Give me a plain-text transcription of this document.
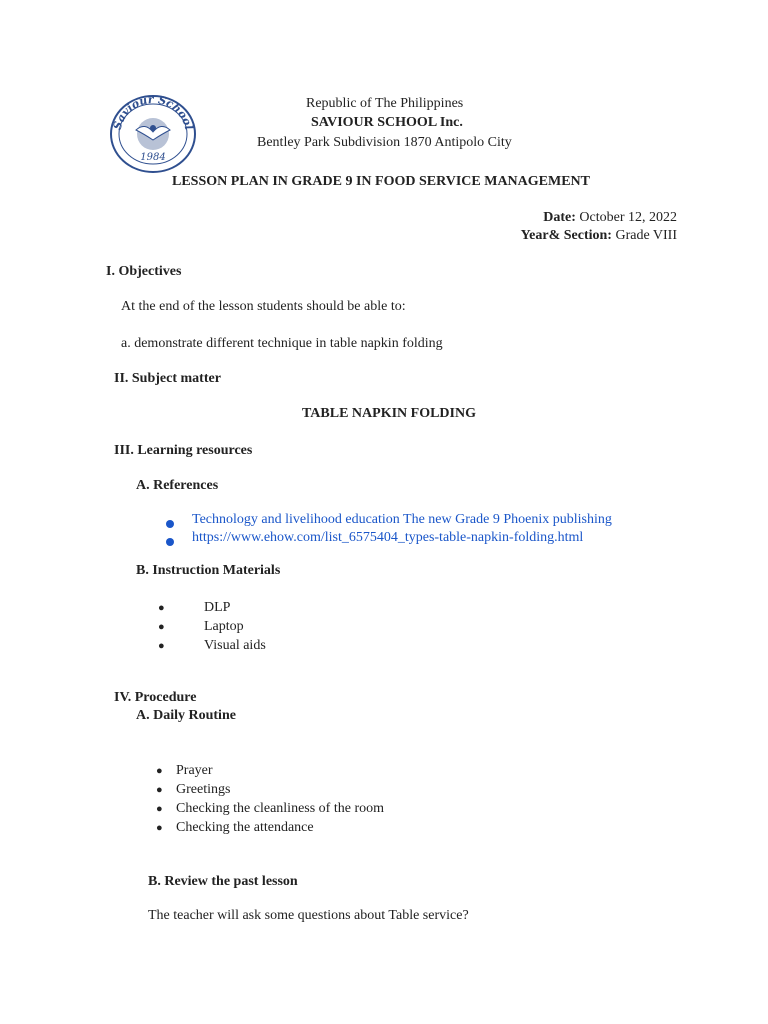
Saviour School
1984
Republic of The Philippines
SAVIOUR SCHOOL Inc.
Bentley Park Subdivision 1870 Antipolo City
LESSON PLAN IN GRADE 9 IN FOOD SERVICE MANAGEMENT
Date: October 12, 2022
Year& Section: Grade VIII
I. Objectives
At the end of the lesson students should be able to:
a. demonstrate different technique in table napkin folding
II. Subject matter
TABLE NAPKIN FOLDING
III. Learning resources
A. References
Technology and livelihood education The new Grade 9 Phoenix publishing
https://www.ehow.com/list_6575404_types-table-napkin-folding.html
B. Instruction Materials
●	DLP
●	Laptop
●	Visual aids
IV. Procedure
A. Daily Routine
● Prayer
● Greetings
● Checking the cleanliness of the room
● Checking the attendance
B. Review the past lesson
The teacher will ask some questions about Table service?
